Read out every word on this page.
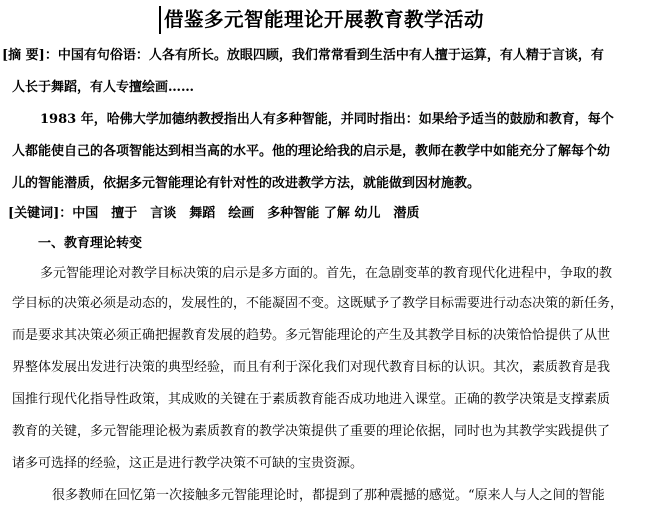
借鉴多元智能理论开展教育教学活动
[摘 要]：中国有句俗语：人各有所长。放眼四顾，我们常常看到生活中有人擅于运算，有人精于言谈，有
人长于舞蹈，有人专擅绘画……
1983 年，哈佛大学加德纳教授指出人有多种智能，并同时指出：如果给予适当的鼓励和教育，每个
人都能使自己的各项智能达到相当高的水平。他的理论给我的启示是，教师在教学中如能充分了解每个幼
儿的智能潜质，依据多元智能理论有针对性的改进教学方法，就能做到因材施教。
[关键词]：中国　擅于　言谈　舞蹈　绘画　多种智能 了解 幼儿　潜质
一、教育理论转变
多元智能理论对教学目标决策的启示是多方面的。首先，在急剧变革的教育现代化进程中，争取的教
学目标的决策必须是动态的，发展性的，不能凝固不变。这既赋予了教学目标需要进行动态决策的新任务，
而是要求其决策必须正确把握教育发展的趋势。多元智能理论的产生及其教学目标的决策恰恰提供了从世
界整体发展出发进行决策的典型经验，而且有利于深化我们对现代教育目标的认识。其次，素质教育是我
国推行现代化指导性政策，其成败的关键在于素质教育能否成功地进入课堂。正确的教学决策是支撑素质
教育的关键，多元智能理论极为素质教育的教学决策提供了重要的理论依据，同时也为其教学实践提供了
诸多可选择的经验，这正是进行教学决策不可缺的宝贵资源。
很多教师在回忆第一次接触多元智能理论时，都提到了那种震撼的感觉。“原来人与人之间的智能
